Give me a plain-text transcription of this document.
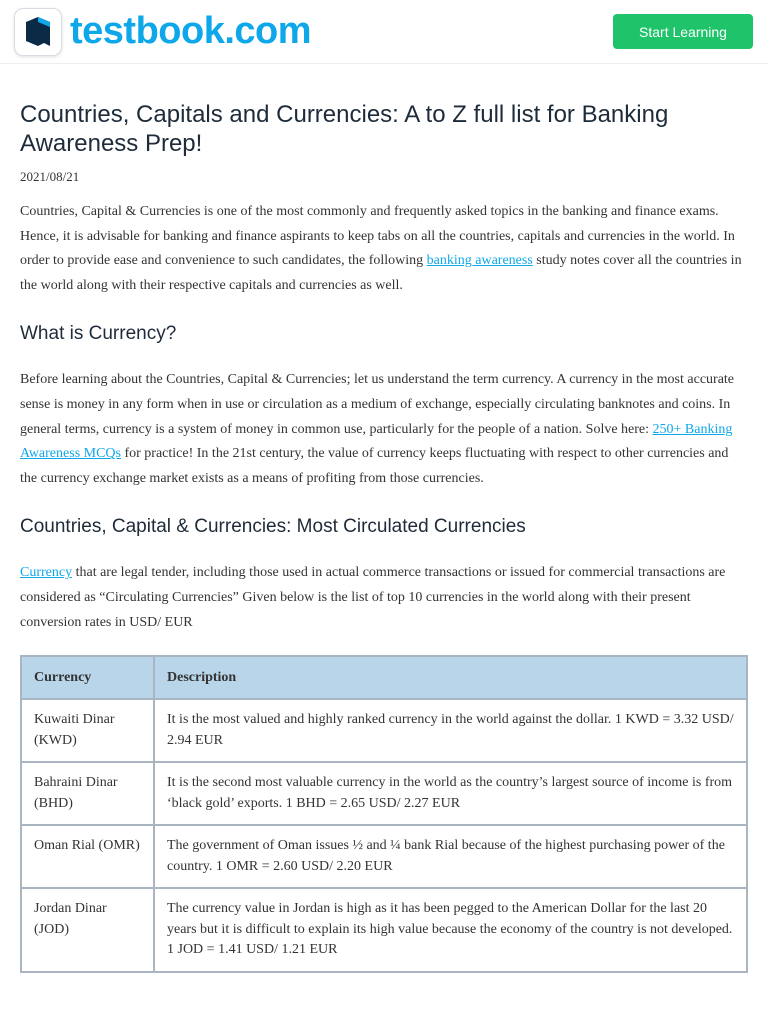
testbook.com	Start Learning
Countries, Capitals and Currencies: A to Z full list for Banking Awareness Prep!
2021/08/21

Countries, Capital & Currencies is one of the most commonly and frequently asked topics in the banking and finance exams. Hence, it is advisable for banking and finance aspirants to keep tabs on all the countries, capitals and currencies in the world. In order to provide ease and convenience to such candidates, the following banking awareness study notes cover all the countries in the world along with their respective capitals and currencies as well.

What is Currency?

Before learning about the Countries, Capital & Currencies; let us understand the term currency. A currency in the most accurate sense is money in any form when in use or circulation as a medium of exchange, especially circulating banknotes and coins. In general terms, currency is a system of money in common use, particularly for the people of a nation. Solve here: 250+ Banking Awareness MCQs for practice! In the 21st century, the value of currency keeps fluctuating with respect to other currencies and the currency exchange market exists as a means of profiting from those currencies.

Countries, Capital & Currencies: Most Circulated Currencies

Currency that are legal tender, including those used in actual commerce transactions or issued for commercial transactions are considered as “Circulating Currencies” Given below is the list of top 10 currencies in the world along with their present conversion rates in USD/ EUR

Currency	Description
Kuwaiti Dinar (KWD)	It is the most valued and highly ranked currency in the world against the dollar. 1 KWD = 3.32 USD/ 2.94 EUR
Bahraini Dinar (BHD)	It is the second most valuable currency in the world as the country’s largest source of income is from ‘black gold’ exports. 1 BHD = 2.65 USD/ 2.27 EUR
Oman Rial (OMR)	The government of Oman issues ½ and ¼ bank Rial because of the highest purchasing power of the country. 1 OMR = 2.60 USD/ 2.20 EUR
Jordan Dinar (JOD)	The currency value in Jordan is high as it has been pegged to the American Dollar for the last 20 years but it is difficult to explain its high value because the economy of the country is not developed. 1 JOD = 1.41 USD/ 1.21 EUR
